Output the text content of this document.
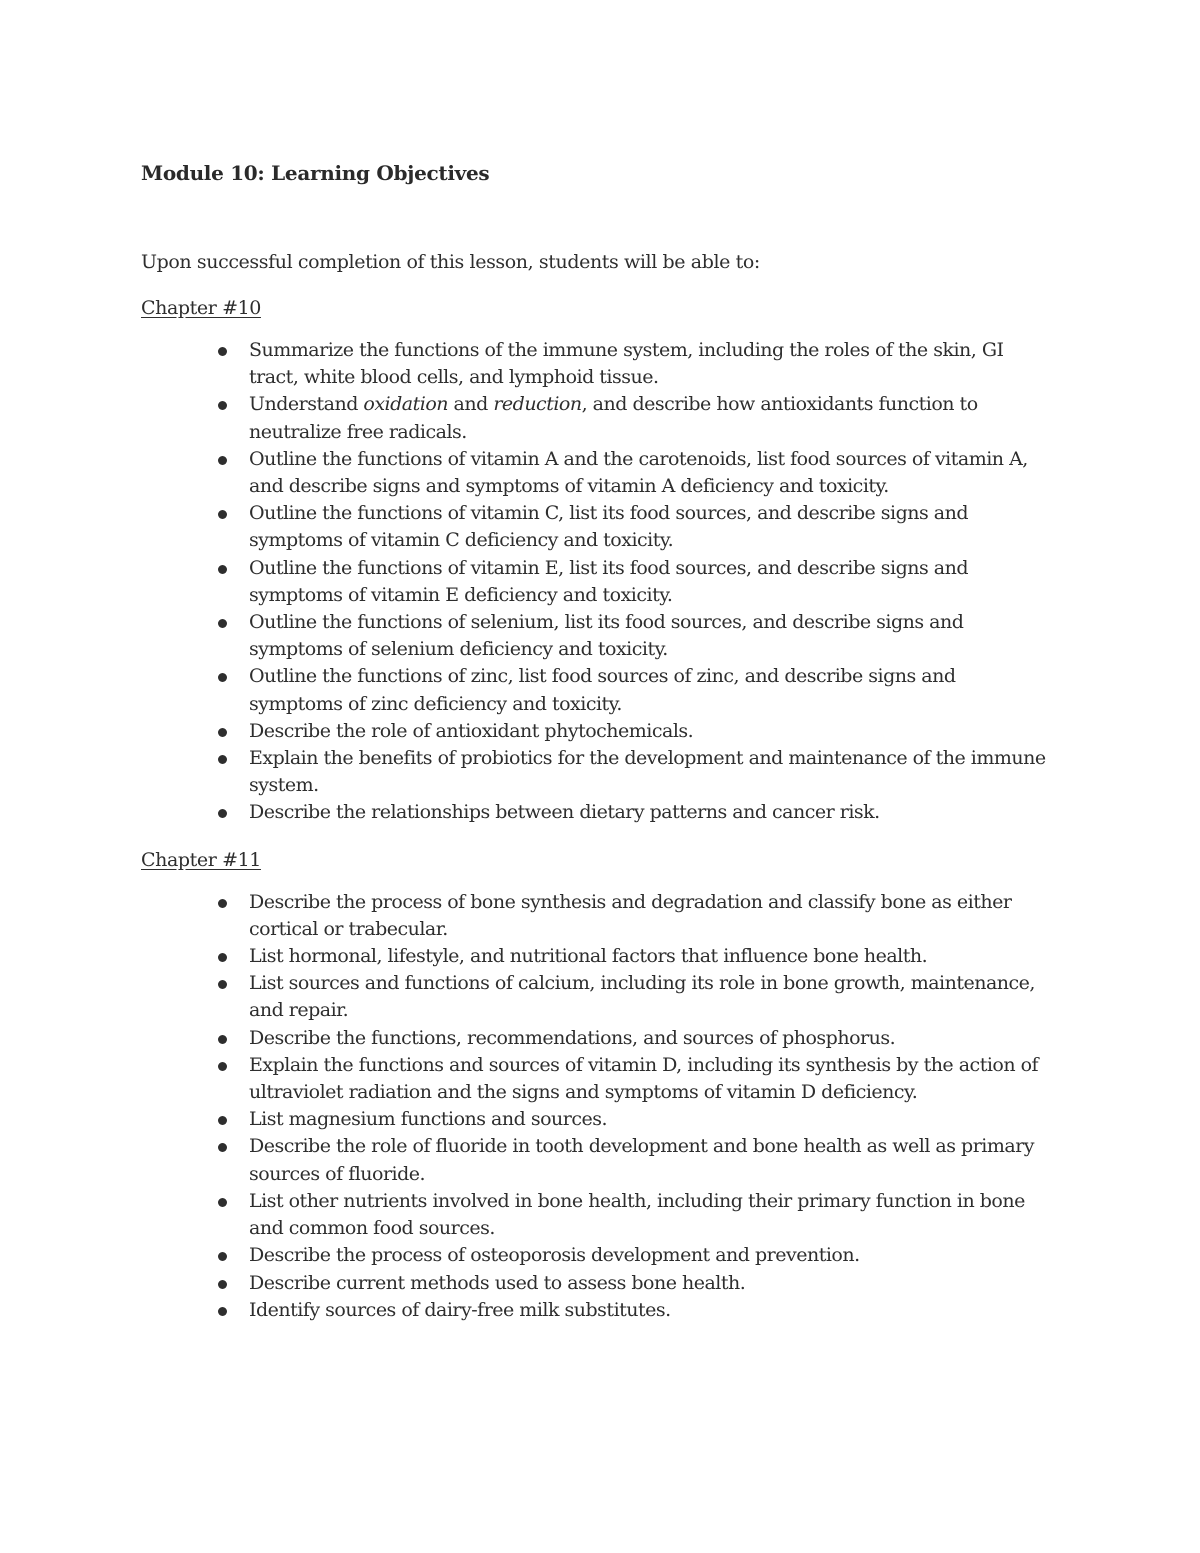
Module 10: Learning Objectives

Upon successful completion of this lesson, students will be able to:

Chapter #10

Summarize the functions of the immune system, including the roles of the skin, GI tract, white blood cells, and lymphoid tissue.
Understand oxidation and reduction, and describe how antioxidants function to neutralize free radicals.
Outline the functions of vitamin A and the carotenoids, list food sources of vitamin A, and describe signs and symptoms of vitamin A deficiency and toxicity.
Outline the functions of vitamin C, list its food sources, and describe signs and symptoms of vitamin C deficiency and toxicity.
Outline the functions of vitamin E, list its food sources, and describe signs and symptoms of vitamin E deficiency and toxicity.
Outline the functions of selenium, list its food sources, and describe signs and symptoms of selenium deficiency and toxicity.
Outline the functions of zinc, list food sources of zinc, and describe signs and symptoms of zinc deficiency and toxicity.
Describe the role of antioxidant phytochemicals.
Explain the benefits of probiotics for the development and maintenance of the immune system.
Describe the relationships between dietary patterns and cancer risk.

Chapter #11

Describe the process of bone synthesis and degradation and classify bone as either cortical or trabecular.
List hormonal, lifestyle, and nutritional factors that influence bone health.
List sources and functions of calcium, including its role in bone growth, maintenance, and repair.
Describe the functions, recommendations, and sources of phosphorus.
Explain the functions and sources of vitamin D, including its synthesis by the action of ultraviolet radiation and the signs and symptoms of vitamin D deficiency.
List magnesium functions and sources.
Describe the role of fluoride in tooth development and bone health as well as primary sources of fluoride.
List other nutrients involved in bone health, including their primary function in bone and common food sources.
Describe the process of osteoporosis development and prevention.
Describe current methods used to assess bone health.
Identify sources of dairy-free milk substitutes.
